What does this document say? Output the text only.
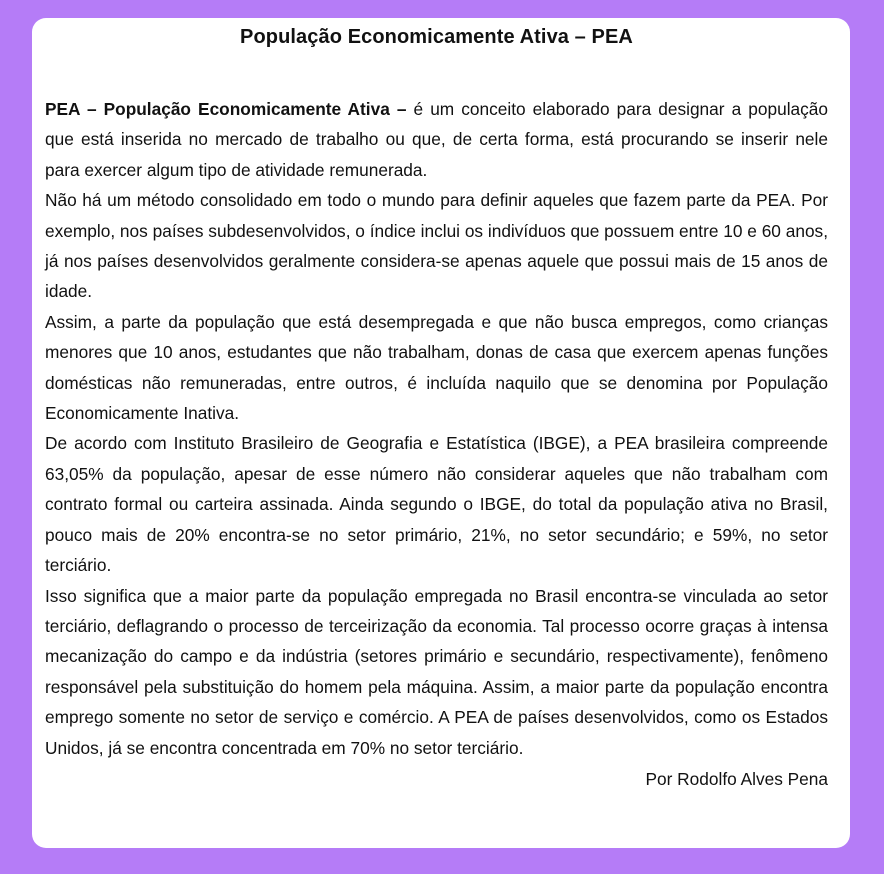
População Economicamente Ativa – PEA

PEA – População Economicamente Ativa – é um conceito elaborado para designar a população que está inserida no mercado de trabalho ou que, de certa forma, está procurando se inserir nele para exercer algum tipo de atividade remunerada.

Não há um método consolidado em todo o mundo para definir aqueles que fazem parte da PEA. Por exemplo, nos países subdesenvolvidos, o índice inclui os indivíduos que possuem entre 10 e 60 anos, já nos países desenvolvidos geralmente considera-se apenas aquele que possui mais de 15 anos de idade.

Assim, a parte da população que está desempregada e que não busca empregos, como crianças menores que 10 anos, estudantes que não trabalham, donas de casa que exercem apenas funções domésticas não remuneradas, entre outros, é incluída naquilo que se denomina por População Economicamente Inativa.

De acordo com Instituto Brasileiro de Geografia e Estatística (IBGE), a PEA brasileira compreende 63,05% da população, apesar de esse número não considerar aqueles que não trabalham com contrato formal ou carteira assinada. Ainda segundo o IBGE, do total da população ativa no Brasil, pouco mais de 20% encontra-se no setor primário, 21%, no setor secundário; e 59%, no setor terciário.

Isso significa que a maior parte da população empregada no Brasil encontra-se vinculada ao setor terciário, deflagrando o processo de terceirização da economia. Tal processo ocorre graças à intensa mecanização do campo e da indústria (setores primário e secundário, respectivamente), fenômeno responsável pela substituição do homem pela máquina. Assim, a maior parte da população encontra emprego somente no setor de serviço e comércio. A PEA de países desenvolvidos, como os Estados Unidos, já se encontra concentrada em 70% no setor terciário.

Por Rodolfo Alves Pena
